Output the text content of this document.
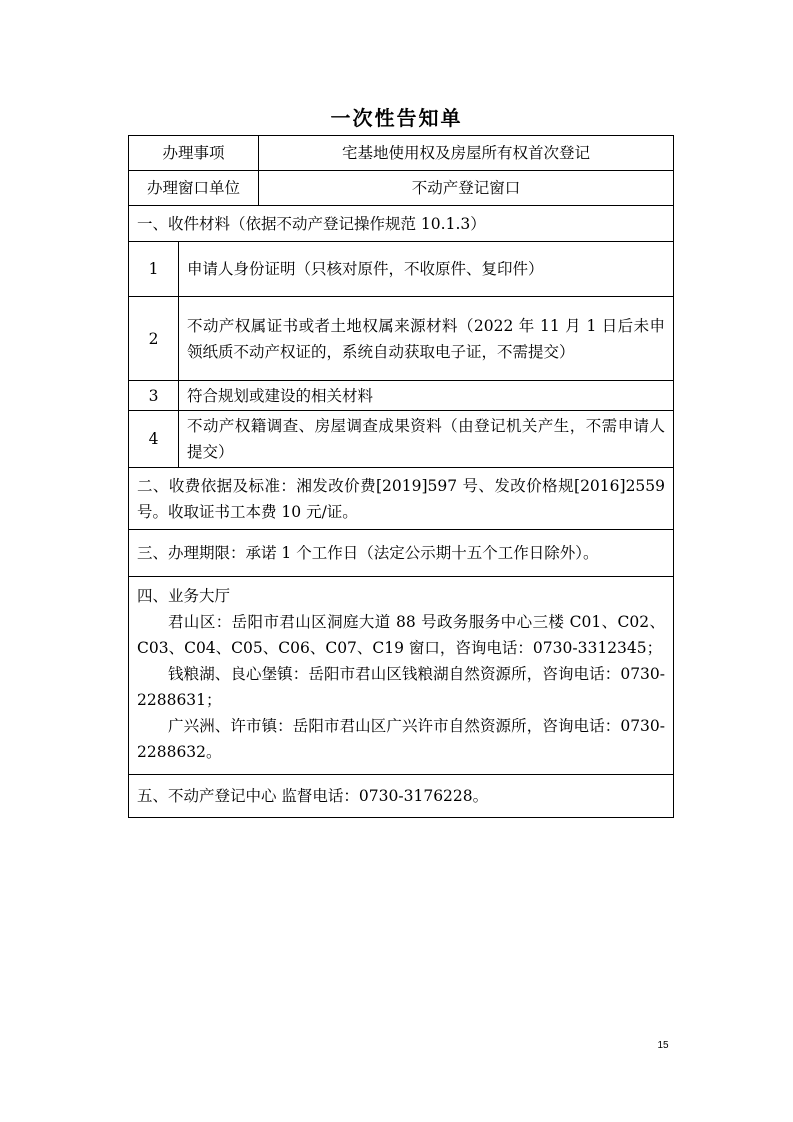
一次性告知单
办理事项		宅基地使用权及房屋所有权首次登记
办理窗口单位		不动产登记窗口
一、收件材料（依据不动产登记操作规范 10.1.3）		
1	申请人身份证明（只核对原件，不收原件、复印件）	
2	不动产权属证书或者土地权属来源材料（2022 年 11 月 1 日后未申领纸质不动产权证的，系统自动获取电子证，不需提交）	
3	符合规划或建设的相关材料	
4	不动产权籍调查、房屋调查成果资料（由登记机关产生，不需申请人提交）	
二、收费依据及标准：湘发改价费[2019]597 号、发改价格规[2016]2559 号。收取证书工本费 10 元/证。		
三、办理期限：承诺 1 个工作日（法定公示期十五个工作日除外）。		

四、业务大厅
君山区：岳阳市君山区洞庭大道 88 号政务服务中心三楼 C01、C02、C03、C04、C05、C06、C07、C19 窗口，咨询电话：0730-3312345；
钱粮湖、良心堡镇：岳阳市君山区钱粮湖自然资源所，咨询电话：0730-2288631；
广兴洲、许市镇：岳阳市君山区广兴许市自然资源所，咨询电话：0730-2288632。		

五、不动产登记中心 监督电话：0730-3176228。		
15
